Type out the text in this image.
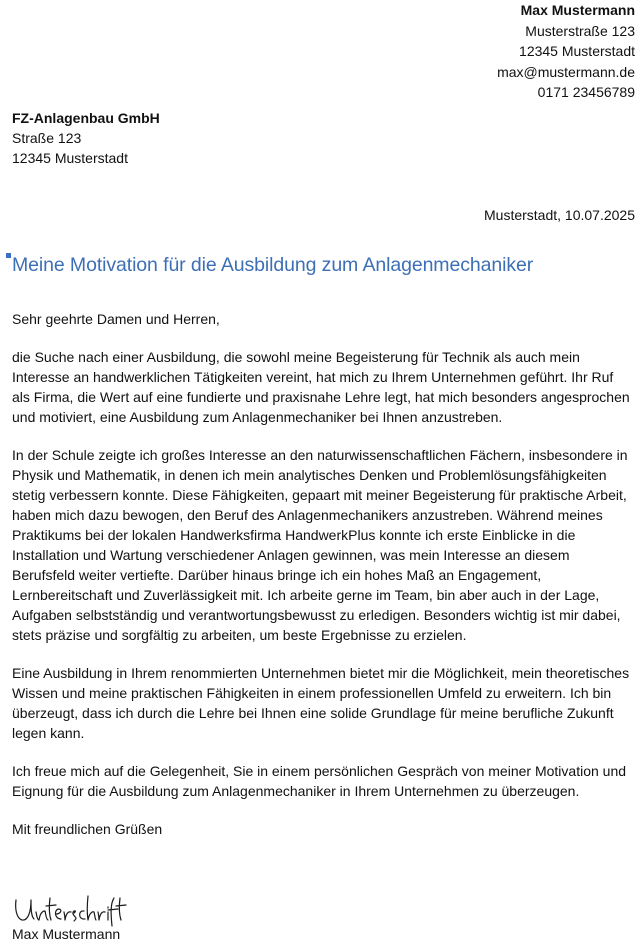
Max Mustermann
Musterstraße 123
12345 Musterstadt
max@mustermann.de
0171 23456789
FZ-Anlagenbau GmbH
Straße 123
12345 Musterstadt
Musterstadt, 10.07.2025
Meine Motivation für die Ausbildung zum Anlagenmechaniker

Sehr geehrte Damen und Herren,

die Suche nach einer Ausbildung, die sowohl meine Begeisterung für Technik als auch mein Interesse an handwerklichen Tätigkeiten vereint, hat mich zu Ihrem Unternehmen geführt. Ihr Ruf als Firma, die Wert auf eine fundierte und praxisnahe Lehre legt, hat mich besonders angesprochen und motiviert, eine Ausbildung zum Anlagenmechaniker bei Ihnen anzustreben.

In der Schule zeigte ich großes Interesse an den naturwissenschaftlichen Fächern, insbesondere in Physik und Mathematik, in denen ich mein analytisches Denken und Problemlösungsfähigkeiten stetig verbessern konnte. Diese Fähigkeiten, gepaart mit meiner Begeisterung für praktische Arbeit, haben mich dazu bewogen, den Beruf des Anlagenmechanikers anzustreben. Während meines Praktikums bei der lokalen Handwerksfirma HandwerkPlus konnte ich erste Einblicke in die Installation und Wartung verschiedener Anlagen gewinnen, was mein Interesse an diesem Berufsfeld weiter vertiefte. Darüber hinaus bringe ich ein hohes Maß an Engagement, Lernbereitschaft und Zuverlässigkeit mit. Ich arbeite gerne im Team, bin aber auch in der Lage, Aufgaben selbstständig und verantwortungsbewusst zu erledigen. Besonders wichtig ist mir dabei, stets präzise und sorgfältig zu arbeiten, um beste Ergebnisse zu erzielen.

Eine Ausbildung in Ihrem renommierten Unternehmen bietet mir die Möglichkeit, mein theoretisches Wissen und meine praktischen Fähigkeiten in einem professionellen Umfeld zu erweitern. Ich bin überzeugt, dass ich durch die Lehre bei Ihnen eine solide Grundlage für meine berufliche Zukunft legen kann.

Ich freue mich auf die Gelegenheit, Sie in einem persönlichen Gespräch von meiner Motivation und Eignung für die Ausbildung zum Anlagenmechaniker in Ihrem Unternehmen zu überzeugen.

Mit freundlichen Grüßen

Max Mustermann
